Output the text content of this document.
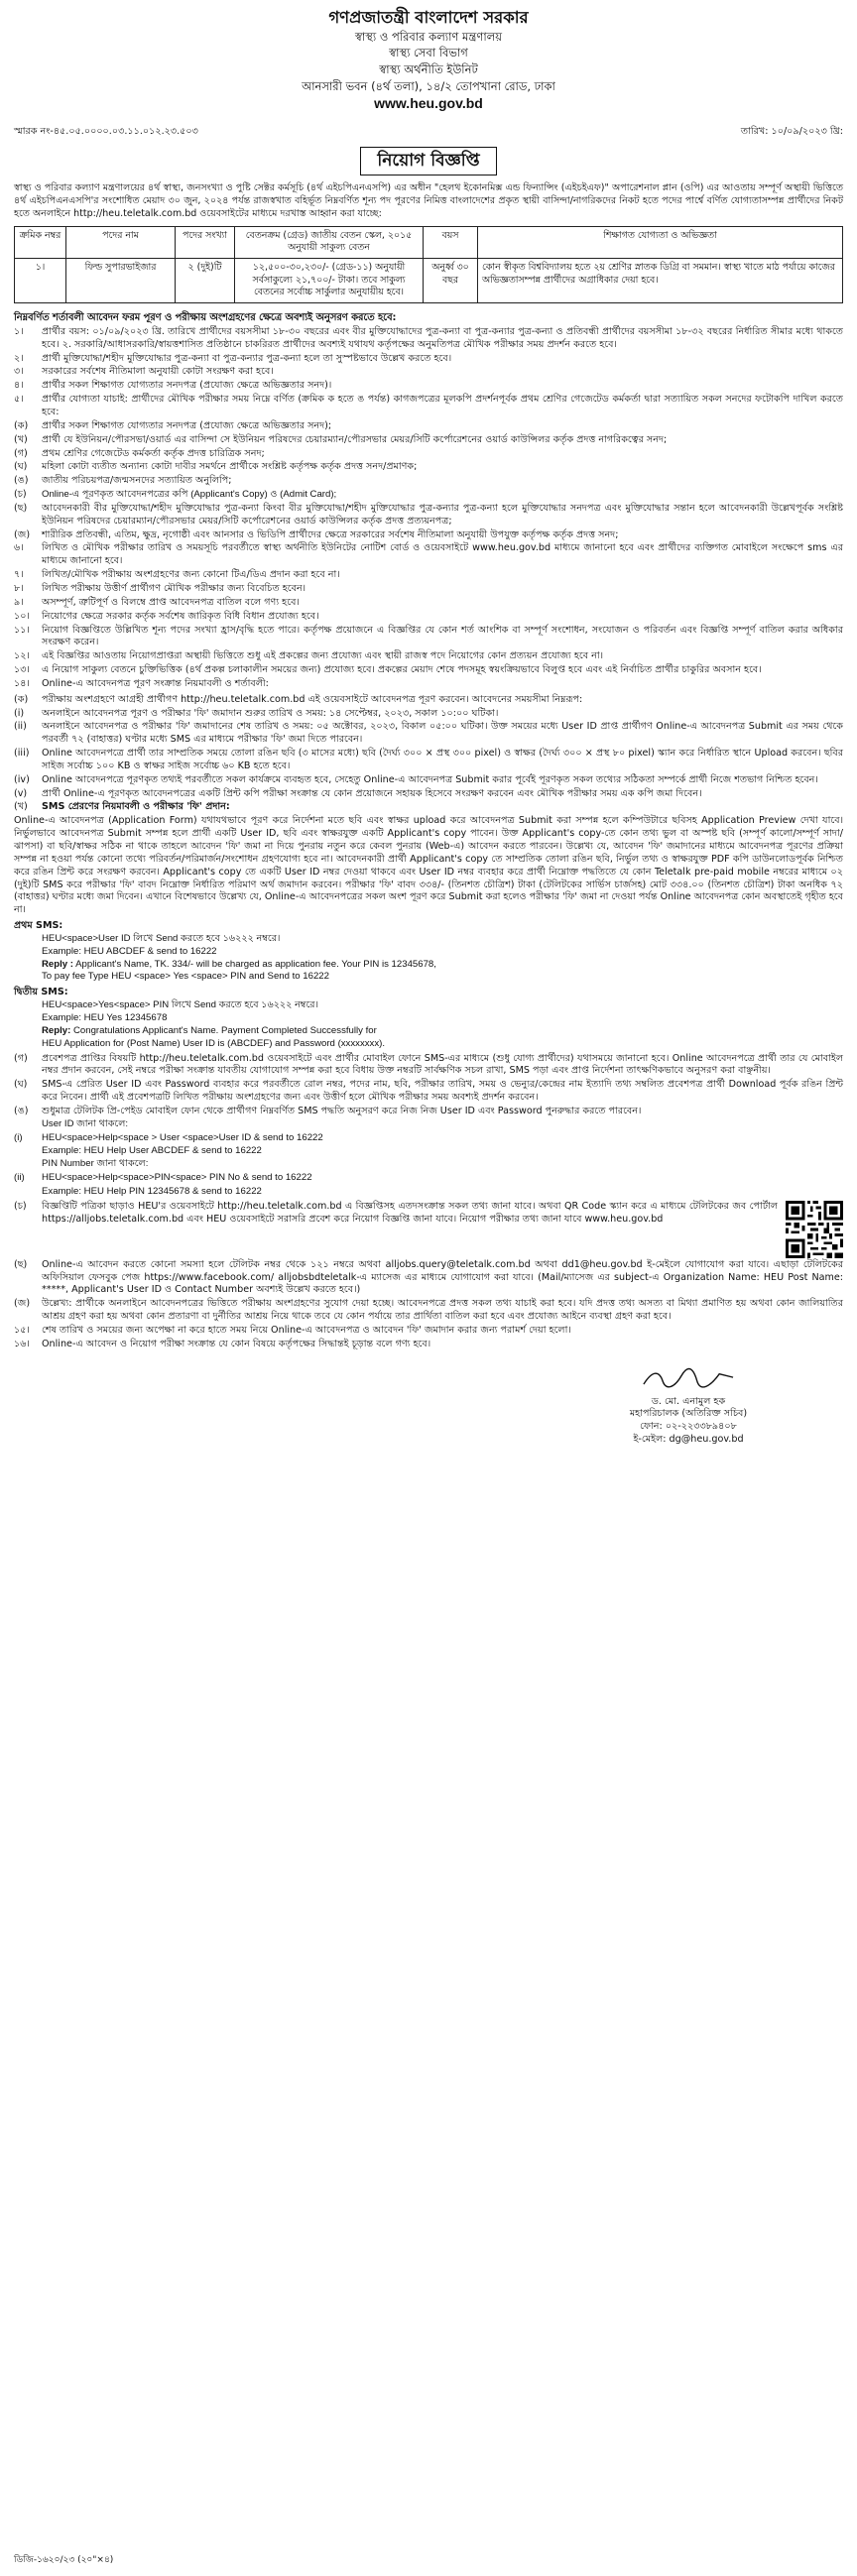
গণপ্রজাতন্ত্রী বাংলাদেশ সরকার
স্বাস্থ্য ও পরিবার কল্যাণ মন্ত্রণালয়
স্বাস্থ্য সেবা বিভাগ
স্বাস্থ্য অর্থনীতি ইউনিট
আনসারী ভবন (৪র্থ তলা), ১৪/২ তোপখানা রোড, ঢাকা
www.heu.gov.bd
স্মারক নং-৪৫.০৫.০০০০.০৩.১১.০১২.২৩.৫০৩	তারিখ: ১০/০৯/২০২৩ খ্রি:
নিয়োগ বিজ্ঞপ্তি

স্বাস্থ্য ও পরিবার কল্যাণ মন্ত্রণালয়ের ৪র্থ স্বাস্থ্য, জনসংখ্যা ও পুষ্টি সেক্টর কর্মসূচি (৪র্থ এইচপিএনএসপি) এর অধীন "হেলথ ইকোনমিক্স এন্ড ফিন্যান্সিং (এইচইএফ)" অপারেশনাল প্লান (ওপি) এর আওতায় সম্পূর্ণ অস্থায়ী ভিত্তিতে ৪র্থ এইচপিএনএসপি'র সংশোধিত মেয়াদ ৩০ জুন, ২০২৪ পর্যন্ত রাজস্বখাত বহির্ভূত নিম্নবর্ণিত শূন্য পদ পূরণের নিমিত্ত বাংলাদেশের প্রকৃত স্থায়ী বাসিন্দা/নাগরিকদের নিকট হতে পদের পার্শ্বে বর্ণিত যোগ্যতাসম্পন্ন প্রার্থীদের নিকট হতে অনলাইনে http://heu.teletalk.com.bd ওয়েবসাইটের মাধ্যমে দরখাস্ত আহ্বান করা যাচ্ছে:

ক্রমিক নম্বর	পদের নাম	পদের সংখ্যা	বেতনক্রম (গ্রেড) জাতীয় বেতন স্কেল, ২০১৫ অনুযায়ী সাকুল্য বেতন	বয়স	শিক্ষাগত যোগ্যতা ও অভিজ্ঞতা
১।	ফিল্ড সুপারভাইজার	২ (দুই)টি	১২,৫০০-৩০,২৩০/- (গ্রেড-১১) অনুযায়ী সর্বসাকুল্যে ২১,৭০০/- টাকা। তবে সাকুল্য বেতনের সর্বোচ্চ সার্কুলার অনুযায়ীয় হবে।	অনুর্ধ্ব ৩০ বছর	কোন স্বীকৃত বিশ্ববিদ্যালয় হতে ২য় শ্রেণির স্নাতক ডিগ্রি বা সমমান। স্বাস্থ্য খাতে মাঠ পর্যায়ে কাজের অভিজ্ঞতাসম্পন্ন প্রার্থীদের অগ্রাধিকার দেয়া হবে।
নিম্নবর্ণিত শর্তাবলী আবেদন ফরম পূরণ ও পরীক্ষায় অংশগ্রহণের ক্ষেত্রে অবশ্যই অনুসরণ করতে হবে:
১।	প্রার্থীর বয়স: ০১/০৯/২০২৩ খ্রি. তারিখে প্রার্থীদের বয়সসীমা ১৮-৩০ বছরের এবং বীর মুক্তিযোদ্ধাদের পুত্র-কন্যা বা পুত্র-কন্যার পুত্র-কন্যা ও প্রতিবন্ধী প্রার্থীদের বয়সসীমা ১৮-৩২ বছরের নির্ধারিত সীমার মধ্যে থাকতে হবে। ২. সরকারি/আধাসরকারি/স্বায়ত্তশাসিত প্রতিষ্ঠানে চাকরিরত প্রার্থীদের অবশ্যই যথাযথ কর্তৃপক্ষের অনুমতিপত্র মৌখিক পরীক্ষার সময় প্রদর্শন করতে হবে।
২।	প্রার্থী মুক্তিযোদ্ধা/শহীদ মুক্তিযোদ্ধার পুত্র-কন্যা বা পুত্র-কন্যার পুত্র-কন্যা হলে তা সুস্পষ্টভাবে উল্লেখ করতে হবে।
৩।	সরকারের সর্বশেষ নীতিমালা অনুযায়ী কোটা সংরক্ষণ করা হবে।
৪।	প্রার্থীর সকল শিক্ষাগত যোগ্যতার সনদপত্র (প্রযোজ্য ক্ষেত্রে অভিজ্ঞতার সনদ)।
৫।	প্রার্থীর যোগ্যতা যাচাই: প্রার্থীদের মৌখিক পরীক্ষার সময় নিম্নে বর্ণিত (ক্রমিক ক হতে ঙ পর্যন্ত) কাগজপত্রের মূলকপি প্রদর্শনপূর্বক প্রথম শ্রেণির গেজেটেড কর্মকর্তা দ্বারা সত্যায়িত সকল সনদের ফটোকপি দাখিল করতে হবে:
(ক)	প্রার্থীর সকল শিক্ষাগত যোগ্যতার সনদপত্র (প্রযোজ্য ক্ষেত্রে অভিজ্ঞতার সনদ);
(খ)	প্রার্থী যে ইউনিয়ন/পৌরসভা/ওয়ার্ড এর বাসিন্দা সে ইউনিয়ন পরিষদের চেয়ারম্যান/পৌরসভার মেয়র/সিটি কর্পোরেশনের ওয়ার্ড কাউন্সিলর কর্তৃক প্রদত্ত নাগরিকত্বের সনদ;
(গ)	প্রথম শ্রেণির গেজেটেড কর্মকর্তা কর্তৃক প্রদত্ত চারিত্রিক সনদ;
(ঘ)	মহিলা কোটা ব্যতীত অন্যান্য কোটা দাবীর সমর্থনে প্রার্থীকে সংশ্লিষ্ট কর্তৃপক্ষ কর্তৃক প্রদত্ত সনদ/প্রমাণক;
(ঙ)	জাতীয় পরিচয়পত্র/জন্মসনদের সত্যায়িত অনুলিপি;
(চ)	Online-এ পূরণকৃত আবেদনপত্রের কপি (Applicant's Copy) ও (Admit Card);
(ছ)	আবেদনকারী বীর মুক্তিযোদ্ধা/শহীদ মুক্তিযোদ্ধার পুত্র-কন্যা কিংবা বীর মুক্তিযোদ্ধা/শহীদ মুক্তিযোদ্ধার পুত্র-কন্যার পুত্র-কন্যা হলে মুক্তিযোদ্ধার সনদপত্র এবং মুক্তিযোদ্ধার সন্তান হলে আবেদনকারী উল্লেখপূর্বক সংশ্লিষ্ট ইউনিয়ন পরিষদের চেয়ারম্যান/পৌরসভার মেয়র/সিটি কর্পোরেশনের ওয়ার্ড কাউন্সিলর কর্তৃক প্রদত্ত প্রত্যয়নপত্র;
(জ)	শারীরিক প্রতিবন্ধী, এতিম, ক্ষুদ্র, নৃগোষ্ঠী এবং আনসার ও ভিডিপি প্রার্থীদের ক্ষেত্রে সরকারের সর্বশেষ নীতিমালা অনুযায়ী উপযুক্ত কর্তৃপক্ষ কর্তৃক প্রদত্ত সনদ;
৬।	লিখিত ও মৌখিক পরীক্ষার তারিখ ও সময়সূচি পরবর্তীতে স্বাস্থ্য অর্থনীতি ইউনিটের নোটিশ বোর্ড ও ওয়েবসাইটে www.heu.gov.bd মাধ্যমে জানানো হবে এবং প্রার্থীদের ব্যক্তিগত মোবাইলে সংক্ষেপে sms এর মাধ্যমে জানানো হবে।
৭।	লিখিত/মৌখিক পরীক্ষায় অংশগ্রহণের জন্য কোনো টিএ/ডিএ প্রদান করা হবে না।
৮।	লিখিত পরীক্ষায় উত্তীর্ণ প্রার্থীগণ মৌখিক পরীক্ষার জন্য বিবেচিত হবেন।
৯।	অসম্পূর্ণ, ত্রুটিপূর্ণ ও বিলম্বে প্রাপ্ত আবেদনপত্র বাতিল বলে গণ্য হবে।
১০।	নিয়োগের ক্ষেত্রে সরকার কর্তৃক সর্বশেষ জারিকৃত বিধি বিধান প্রযোজ্য হবে।
১১।	নিয়োগ বিজ্ঞপ্তিতে উল্লিখিত শূন্য পদের সংখ্যা হ্রাস/বৃদ্ধি হতে পারে। কর্তৃপক্ষ প্রয়োজনে এ বিজ্ঞপ্তির যে কোন শর্ত আংশিক বা সম্পূর্ণ সংশোধন, সংযোজন ও পরিবর্তন এবং বিজ্ঞপ্তি সম্পূর্ণ বাতিল করার অধিকার সংরক্ষণ করেন।
১২।	এই বিজ্ঞপ্তির আওতায় নিয়োগপ্রাপ্তরা অস্থায়ী ভিত্তিতে শুধু এই প্রকল্পের জন্য প্রযোজ্য এবং স্থায়ী রাজস্ব পদে নিয়োগের কোন প্রত্যয়ন প্রযোজ্য হবে না।
১৩।	এ নিয়োগ সাকুল্য বেতনে চুক্তিভিত্তিক (৪র্থ প্রকল্প চলাকালীন সময়ের জন্য) প্রযোজ্য হবে। প্রকল্পের মেয়াদ শেষে পদসমূহ স্বয়ংক্রিয়ভাবে বিলুপ্ত হবে এবং এই নির্বাচিত প্রার্থীর চাকুরির অবসান হবে।
১৪।	Online-এ আবেদনপত্র পূরণ সংক্রান্ত নিয়মাবলী ও শর্তাবলী:
(ক)	পরীক্ষায় অংশগ্রহণে আগ্রহী প্রার্থীগণ http://heu.teletalk.com.bd এই ওয়েবসাইটে আবেদনপত্র পূরণ করবেন। আবেদনের সময়সীমা নিম্নরূপ:
(i)	অনলাইনে আবেদনপত্র পূরণ ও পরীক্ষার 'ফি' জমাদান শুরুর তারিখ ও সময়: ১৪ সেপ্টেম্বর, ২০২৩, সকাল ১০:০০ ঘটিকা।
(ii)	অনলাইনে আবেদনপত্র ও পরীক্ষার 'ফি' জমাদানের শেষ তারিখ ও সময়: ০৫ অক্টোবর, ২০২৩, বিকাল ০৫:০০ ঘটিকা। উক্ত সময়ের মধ্যে User ID প্রাপ্ত প্রার্থীগণ Online-এ আবেদনপত্র Submit এর সময় থেকে পরবর্তী ৭২ (বাহাত্তর) ঘণ্টার মধ্যে SMS এর মাধ্যমে পরীক্ষার 'ফি' জমা দিতে পারবেন।
(iii)	Online আবেদনপত্রে প্রার্থী তার সাম্প্রতিক সময়ে তোলা রঙিন ছবি (৩ মাসের মধ্যে) ছবি (দৈর্ঘ্য ৩০০ × প্রস্থ ৩০০ pixel) ও স্বাক্ষর (দৈর্ঘ্য ৩০০ × প্রস্থ ৮০ pixel) স্ক্যান করে নির্ধারিত স্থানে Upload করবেন। ছবির সাইজ সর্বোচ্চ ১০০ KB ও স্বাক্ষর সাইজ সর্বোচ্চ ৬০ KB হতে হবে।
(iv)	Online আবেদনপত্রে পূরণকৃত তথ্যই পরবর্তীতে সকল কার্যক্রমে ব্যবহৃত হবে, সেহেতু Online-এ আবেদনপত্র Submit করার পূর্বেই পূরণকৃত সকল তথ্যের সঠিকতা সম্পর্কে প্রার্থী নিজে শতভাগ নিশ্চিত হবেন।
(v)	প্রার্থী Online-এ পূরণকৃত আবেদনপত্রের একটি প্রিন্ট কপি পরীক্ষা সংক্রান্ত যে কোন প্রয়োজনে সহায়ক হিসেবে সংরক্ষণ করবেন এবং মৌখিক পরীক্ষার সময় এক কপি জমা দিবেন।
(খ)	SMS প্রেরণের নিয়মাবলী ও পরীক্ষার 'ফি' প্রদান:

Online-এ আবেদনপত্র (Application Form) যথাযথভাবে পূরণ করে নির্দেশনা মতে ছবি এবং স্বাক্ষর upload করে আবেদনপত্র Submit করা সম্পন্ন হলে কম্পিউটারে ছবিসহ Application Preview দেখা যাবে। নির্ভুলভাবে আবেদনপত্র Submit সম্পন্ন হলে প্রার্থী একটি User ID, ছবি এবং স্বাক্ষরযুক্ত একটি Applicant's copy পাবেন। উক্ত Applicant's copy-তে কোন তথ্য ভুল বা অস্পষ্ট ছবি (সম্পূর্ণ কালো/সম্পূর্ণ সাদা/ঝাপসা) বা ছবি/স্বাক্ষর সঠিক না থাকে তাহলে আবেদন 'ফি' জমা না দিয়ে পুনরায় নতুন করে কেবল পুনরায় (Web-এ) আবেদন করতে পারবেন। উল্লেখ্য যে, আবেদন 'ফি' জমাদানের মাধ্যমে আবেদনপত্র পূরণের প্রক্রিয়া সম্পন্ন না হওয়া পর্যন্ত কোনো তথ্যে পরিবর্তন/পরিমার্জন/সংশোধন গ্রহণযোগ্য হবে না। আবেদনকারী প্রার্থী Applicant's copy তে সাম্প্রতিক তোলা রঙিন ছবি, নির্ভুল তথ্য ও স্বাক্ষরযুক্ত PDF কপি ডাউনলোডপূর্বক নিশ্চিত করে রঙিন প্রিন্ট করে সংরক্ষণ করবেন। Applicant's copy তে একটি User ID নম্বর দেওয়া থাকবে এবং User ID নম্বর ব্যবহার করে প্রার্থী নিম্নোক্ত পদ্ধতিতে যে কোন Teletalk pre-paid mobile নম্বরের মাধ্যমে ০২ (দুই)টি SMS করে পরীক্ষার 'ফি' বাবদ নিম্নোক্ত নির্ধারিত পরিমাণ অর্থ জমাদান করবেন। পরীক্ষার 'ফি' বাবদ ৩৩৪/- (তিনশত চৌত্রিশ) টাকা (টেলিটকের সার্ভিস চার্জসহ) মোট ৩৩৪.০০ (তিনশত চৌত্রিশ) টাকা অনধিক ৭২ (বাহাত্তর) ঘণ্টার মধ্যে জমা দিবেন। এখানে বিশেষভাবে উল্লেখ্য যে, Online-এ আবেদনপত্রের সকল অংশ পূরণ করে Submit করা হলেও পরীক্ষার 'ফি' জমা না দেওয়া পর্যন্ত Online আবেদনপত্র কোন অবস্থাতেই গৃহীত হবে না।

প্রথম SMS:
HEU<space>User ID লিখে Send করতে হবে ১৬২২২ নম্বরে।
Example: HEU ABCDEF & send to 16222
Reply : Applicant's Name, TK. 334/- will be charged as application fee. Your PIN is 12345678,
To pay fee Type HEU <space> Yes <space> PIN and Send to 16222
দ্বিতীয় SMS:
HEU<space>Yes<space> PIN লিখে Send করতে হবে ১৬২২২ নম্বরে।
Example: HEU Yes 12345678
Reply: Congratulations Applicant's Name. Payment Completed Successfully for
HEU Application for (Post Name) User ID is (ABCDEF) and Password (xxxxxxxx).
(গ)	প্রবেশপত্র প্রাপ্তির বিষয়টি http://heu.teletalk.com.bd ওয়েবসাইটে এবং প্রার্থীর মোবাইল ফোনে SMS-এর মাধ্যমে (শুধু যোগ্য প্রার্থীদের) যথাসময়ে জানানো হবে। Online আবেদনপত্রে প্রার্থী তার যে মোবাইল নম্বর প্রদান করবেন, সেই নম্বরে পরীক্ষা সংক্রান্ত যাবতীয় যোগাযোগ সম্পন্ন করা হবে বিধায় উক্ত নম্বরটি সার্বক্ষণিক সচল রাখা, SMS পড়া এবং প্রাপ্ত নির্দেশনা তাৎক্ষণিকভাবে অনুসরণ করা বাঞ্ছনীয়।
(ঘ)	SMS-এ প্রেরিত User ID এবং Password ব্যবহার করে পরবর্তীতে রোল নম্বর, পদের নাম, ছবি, পরীক্ষার তারিখ, সময় ও ভেন্যুর/কেন্দ্রের নাম ইত্যাদি তথ্য সম্বলিত প্রবেশপত্র প্রার্থী Download পূর্বক রঙিন প্রিন্ট করে নিবেন। প্রার্থী এই প্রবেশপত্রটি লিখিত পরীক্ষায় অংশগ্রহণের জন্য এবং উত্তীর্ণ হলে মৌখিক পরীক্ষার সময় অবশ্যই প্রদর্শন করবেন।
(ঙ)	শুধুমাত্র টেলিটক প্রি-পেইড মোবাইল ফোন থেকে প্রার্থীগণ নিম্নবর্ণিত SMS পদ্ধতি অনুসরণ করে নিজ নিজ User ID এবং Password পুনরুদ্ধার করতে পারবেন।
User ID জানা থাকলে:
(i)	HEU<space>Help<space > User <space>User ID & send to 16222
Example: HEU Help User ABCDEF & send to 16222
PIN Number জানা থাকলে:
(ii)	HEU<space>Help<space>PIN<space> PIN No & send to 16222
Example: HEU Help PIN 12345678 & send to 16222
(চ)	বিজ্ঞপ্তিটি পত্রিকা ছাড়াও HEU'র ওয়েবসাইটে http://heu.teletalk.com.bd এ বিজ্ঞপ্তিসহ এতদসংক্রান্ত সকল তথ্য জানা যাবে। অথবা QR Code স্ক্যান করে এ মাধ্যমে টেলিটকের জব পোর্টাল https://alljobs.teletalk.com.bd এবং HEU ওয়েবসাইটে সরাসরি প্রবেশ করে নিয়োগ বিজ্ঞপ্তি জানা যাবে। নিয়োগ পরীক্ষার তথ্য জানা যাবে www.heu.gov.bd
(ছ)	Online-এ আবেদন করতে কোনো সমস্যা হলে টেলিটক নম্বর থেকে ১২১ নম্বরে অথবা alljobs.query@teletalk.com.bd অথবা dd1@heu.gov.bd ই-মেইলে যোগাযোগ করা যাবে। এছাড়া টেলিটকের অফিসিয়াল ফেসবুক পেজ https://www.facebook.com/ alljobsbdteletalk-এ ম্যাসেজ এর মাধ্যমে যোগাযোগ করা যাবে। (Mail/ম্যাসেজ এর subject-এ Organization Name: HEU Post Name: *****, Applicant's User ID ও Contact Number অবশ্যই উল্লেখ করতে হবে।)
(জ)	উল্লেখ্য: প্রার্থীকে অনলাইনে আবেদনপত্রের ভিত্তিতে পরীক্ষায় অংশগ্রহণের সুযোগ দেয়া হচ্ছে। আবেদনপত্রে প্রদত্ত সকল তথ্য যাচাই করা হবে। যদি প্রদত্ত তথ্য অসত্য বা মিথ্যা প্রমাণিত হয় অথবা কোন জালিয়াতির আশ্রয় গ্রহণ করা হয় অথবা কোন প্রতারণা বা দুর্নীতির আশ্রয় নিয়ে থাকে তবে যে কোন পর্যায়ে তার প্রার্থিতা বাতিল করা হবে এবং প্রযোজ্য আইনে ব্যবস্থা গ্রহণ করা হবে।
১৫।	শেষ তারিখ ও সময়ের জন্য অপেক্ষা না করে হাতে সময় নিয়ে Online-এ আবেদনপত্র ও আবেদন 'ফি' জমাদান করার জন্য পরামর্শ দেয়া হলো।
১৬।	Online-এ আবেদন ও নিয়োগ পরীক্ষা সংক্রান্ত যে কোন বিষয়ে কর্তৃপক্ষের সিদ্ধান্তই চূড়ান্ত বলে গণ্য হবে।
ড. মো. এনামুল হক
মহাপরিচালক (অতিরিক্ত সচিব)
ফোন: ০২-২২৩৩৮৯৪০৮
ই-মেইল: dg@heu.gov.bd
ডিজি-১৬২০/২৩ (২০"×৪)
